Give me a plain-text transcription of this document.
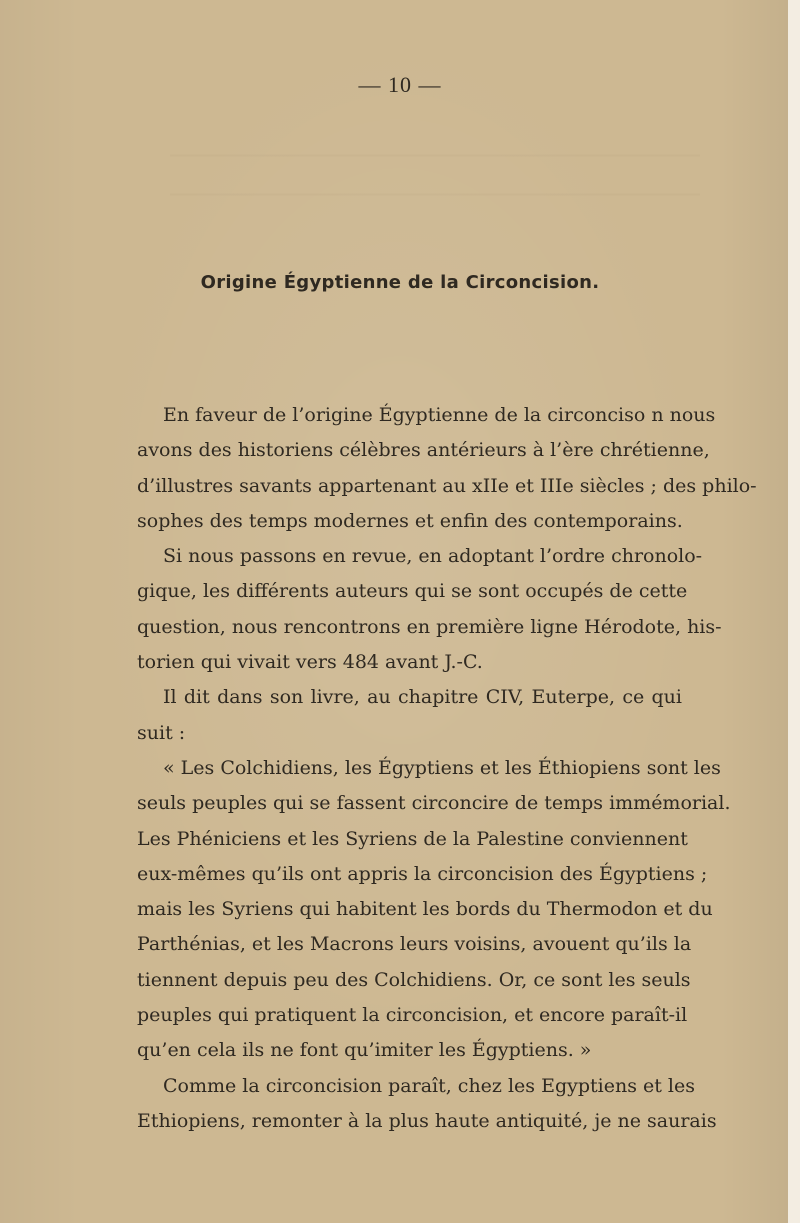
— 10 —
Origine Égyptienne de la Circoncision.
En faveur de l’origine Égyptienne de la circonciso n nous
avons des historiens célèbres antérieurs à l’ère chrétienne,
d’illustres savants appartenant au xIIe et IIIe siècles ; des philo-
sophes des temps modernes et enfin des contemporains.
Si nous passons en revue, en adoptant l’ordre chronolo-
gique, les différents auteurs qui se sont occupés de cette
question, nous rencontrons en première ligne Hérodote, his-
torien qui vivait vers 484 avant J.-C.
Il dit dans son livre, au chapitre CIV, Euterpe, ce qui
suit :
« Les Colchidiens, les Égyptiens et les Éthiopiens sont les
seuls peuples qui se fassent circoncire de temps immémorial.
Les Phéniciens et les Syriens de la Palestine conviennent
eux-mêmes qu’ils ont appris la circoncision des Égyptiens ;
mais les Syriens qui habitent les bords du Thermodon et du
Parthénias, et les Macrons leurs voisins, avouent qu’ils la
tiennent depuis peu des Colchidiens. Or, ce sont les seuls
peuples qui pratiquent la circoncision, et encore paraît-il
qu’en cela ils ne font qu’imiter les Égyptiens. »
Comme la circoncision paraît, chez les Egyptiens et les
Ethiopiens, remonter à la plus haute antiquité, je ne saurais
